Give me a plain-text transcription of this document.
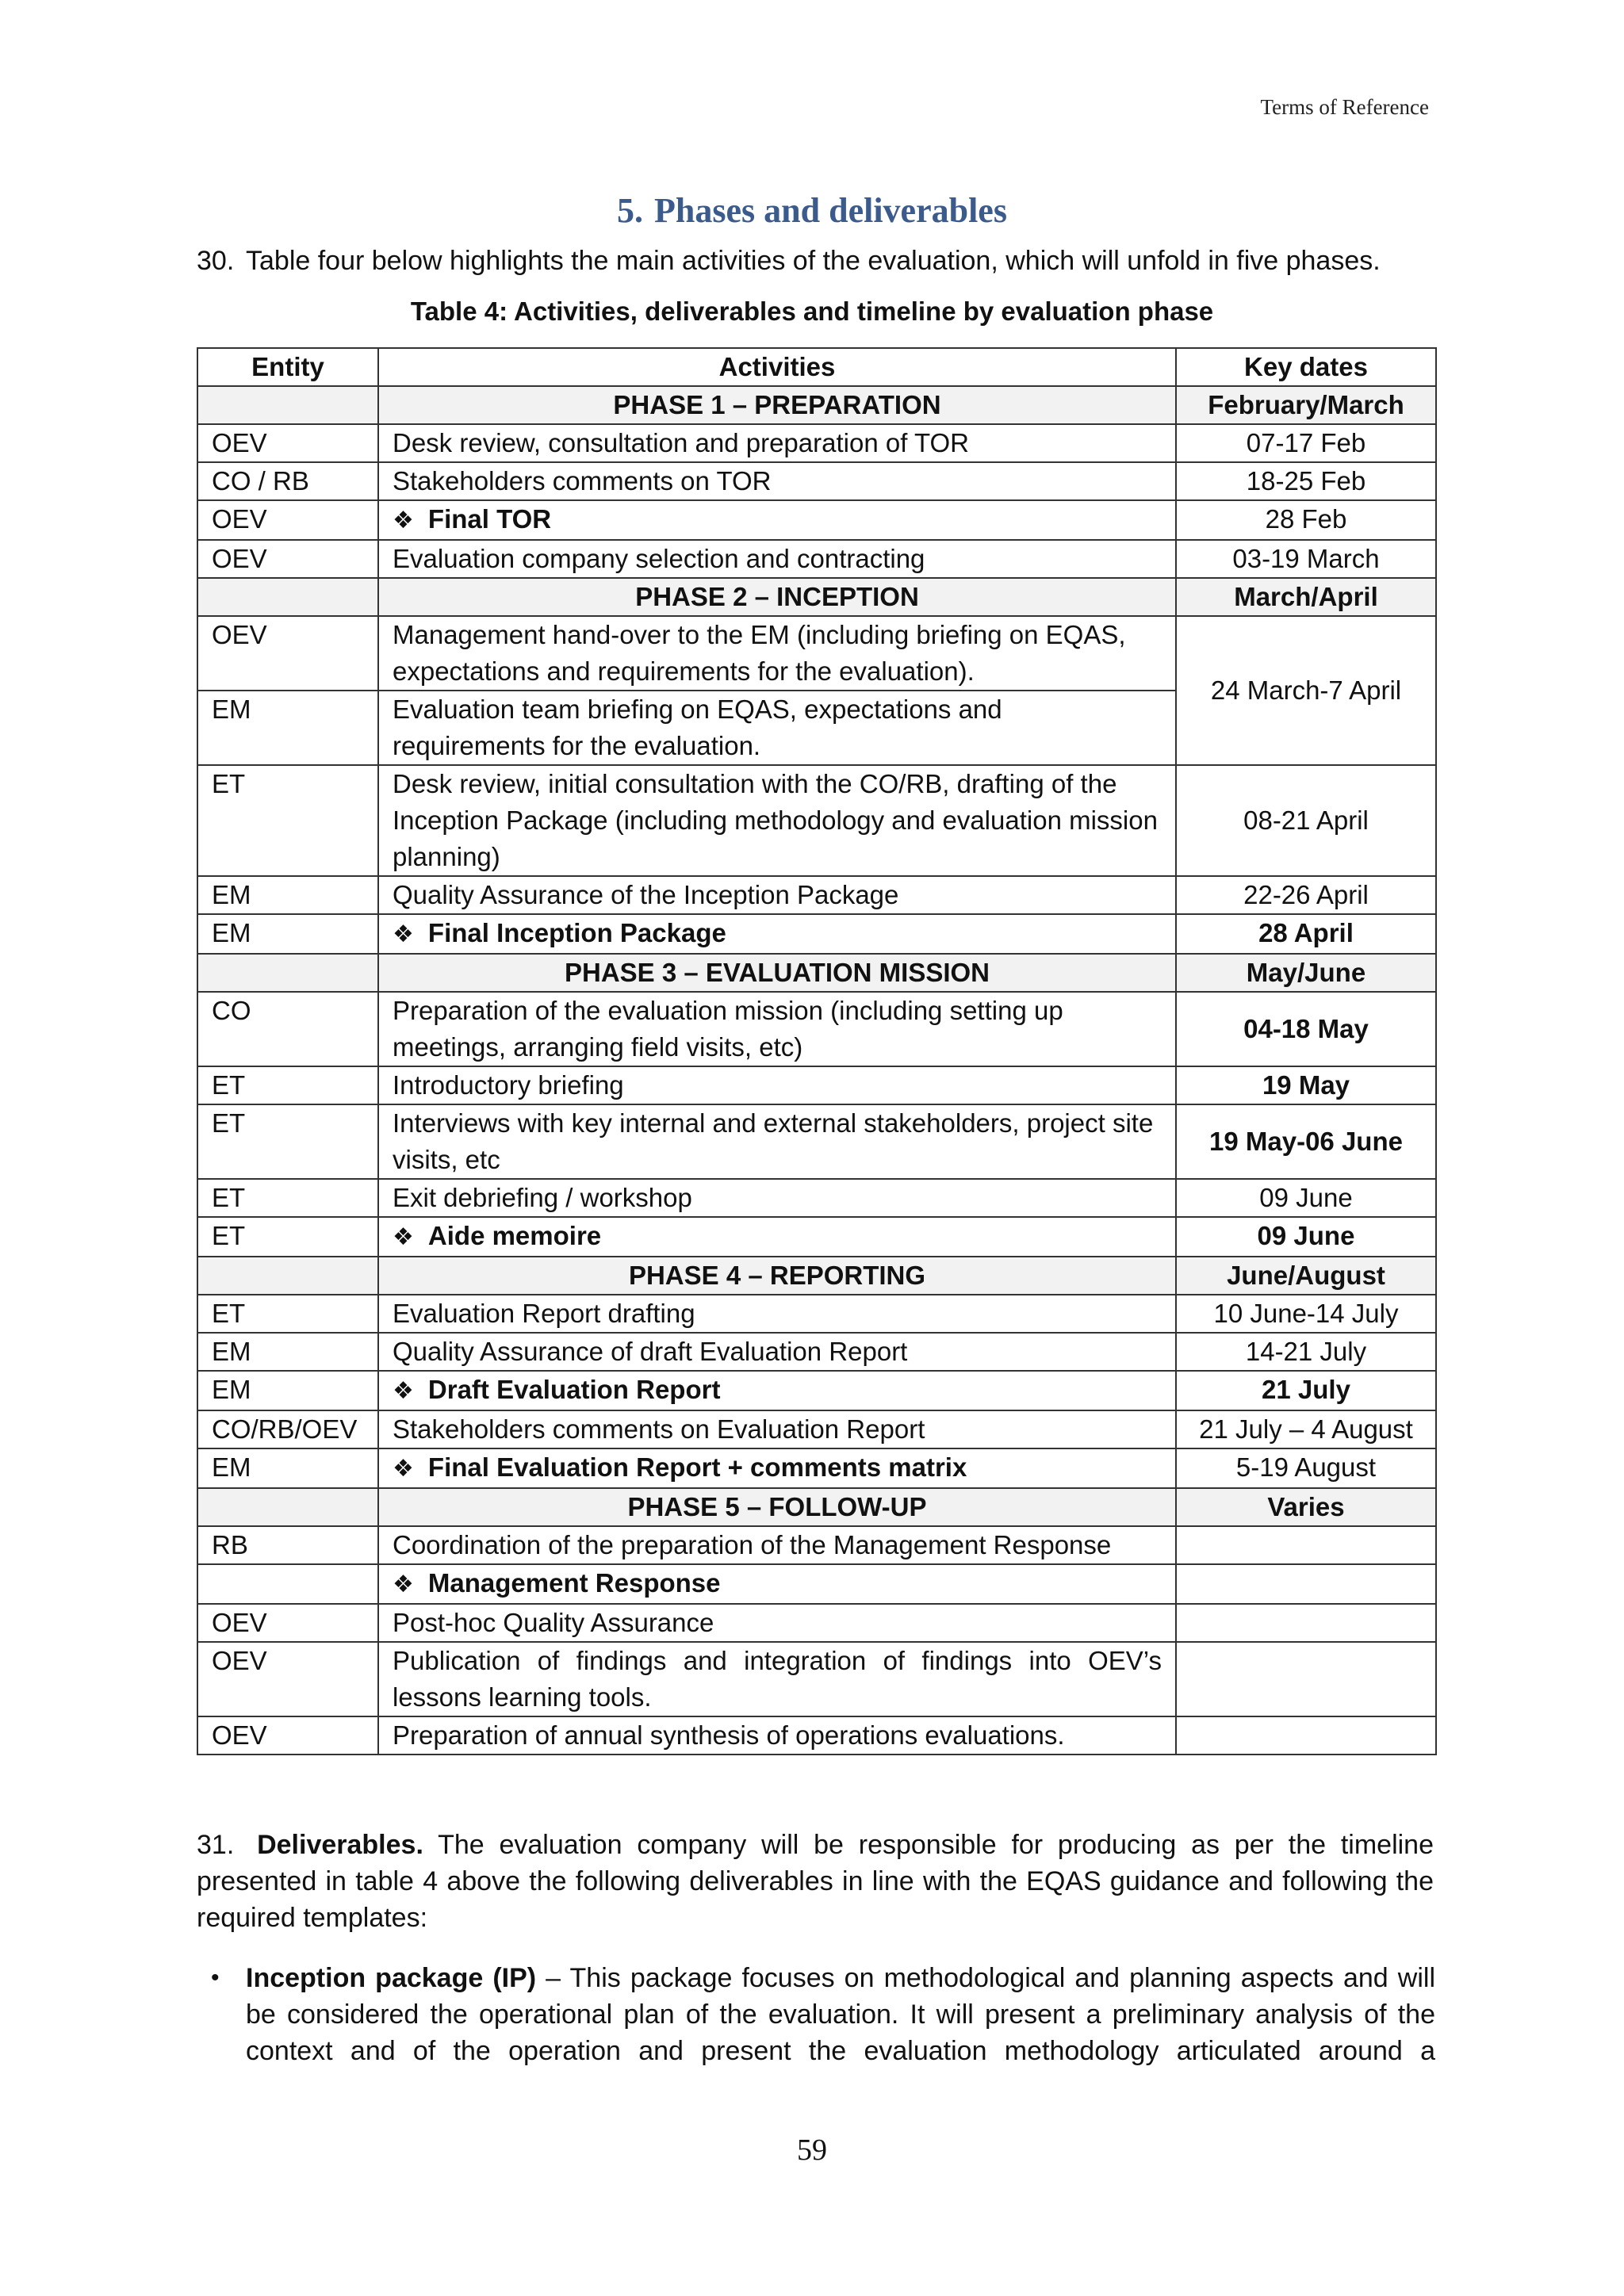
Terms of Reference
5. Phases and deliverables
30. Table four below highlights the main activities of the evaluation, which will unfold in five phases.
Table 4: Activities, deliverables and timeline by evaluation phase
Entity	Activities	Key dates
	PHASE 1 – PREPARATION	February/March
OEV	Desk review, consultation and preparation of TOR	07-17 Feb
CO / RB	Stakeholders comments on TOR	18-25 Feb
OEV	❖ Final TOR	28 Feb
OEV	Evaluation company selection and contracting	03-19 March
	PHASE 2 – INCEPTION	March/April
OEV	Management hand-over to the EM (including briefing on EQAS, expectations and requirements for the evaluation).	24 March-7 April
EM	Evaluation team briefing on EQAS, expectations and requirements for the evaluation.	
ET	Desk review, initial consultation with the CO/RB, drafting of the Inception Package (including methodology and evaluation mission planning)	08-21 April
EM	Quality Assurance of the Inception Package	22-26 April
EM	❖ Final Inception Package	28 April
	PHASE 3 – EVALUATION MISSION	May/June
CO	Preparation of the evaluation mission (including setting up meetings, arranging field visits, etc)	04-18 May
ET	Introductory briefing	19 May
ET	Interviews with key internal and external stakeholders, project site visits, etc	19 May-06 June
ET	Exit debriefing / workshop	09 June
ET	❖ Aide memoire	09 June
	PHASE 4 – REPORTING	June/August
ET	Evaluation Report drafting	10 June-14 July
EM	Quality Assurance of draft Evaluation Report	14-21 July
EM	❖ Draft Evaluation Report	21 July
CO/RB/OEV	Stakeholders comments on Evaluation Report	21 July – 4 August
EM	❖ Final Evaluation Report + comments matrix	5-19 August
	PHASE 5 – FOLLOW-UP	Varies
RB	Coordination of the preparation of the Management Response	
	❖ Management Response	
OEV	Post-hoc Quality Assurance	
OEV	Publication of findings and integration of findings into OEV’s lessons learning tools.	
OEV	Preparation of annual synthesis of operations evaluations.	
31. Deliverables. The evaluation company will be responsible for producing as per the timeline presented in table 4 above the following deliverables in line with the EQAS guidance and following the required templates:
• Inception package (IP) – This package focuses on methodological and planning aspects and will be considered the operational plan of the evaluation. It will present a preliminary analysis of the context and of the operation and present the evaluation methodology articulated around a
59
